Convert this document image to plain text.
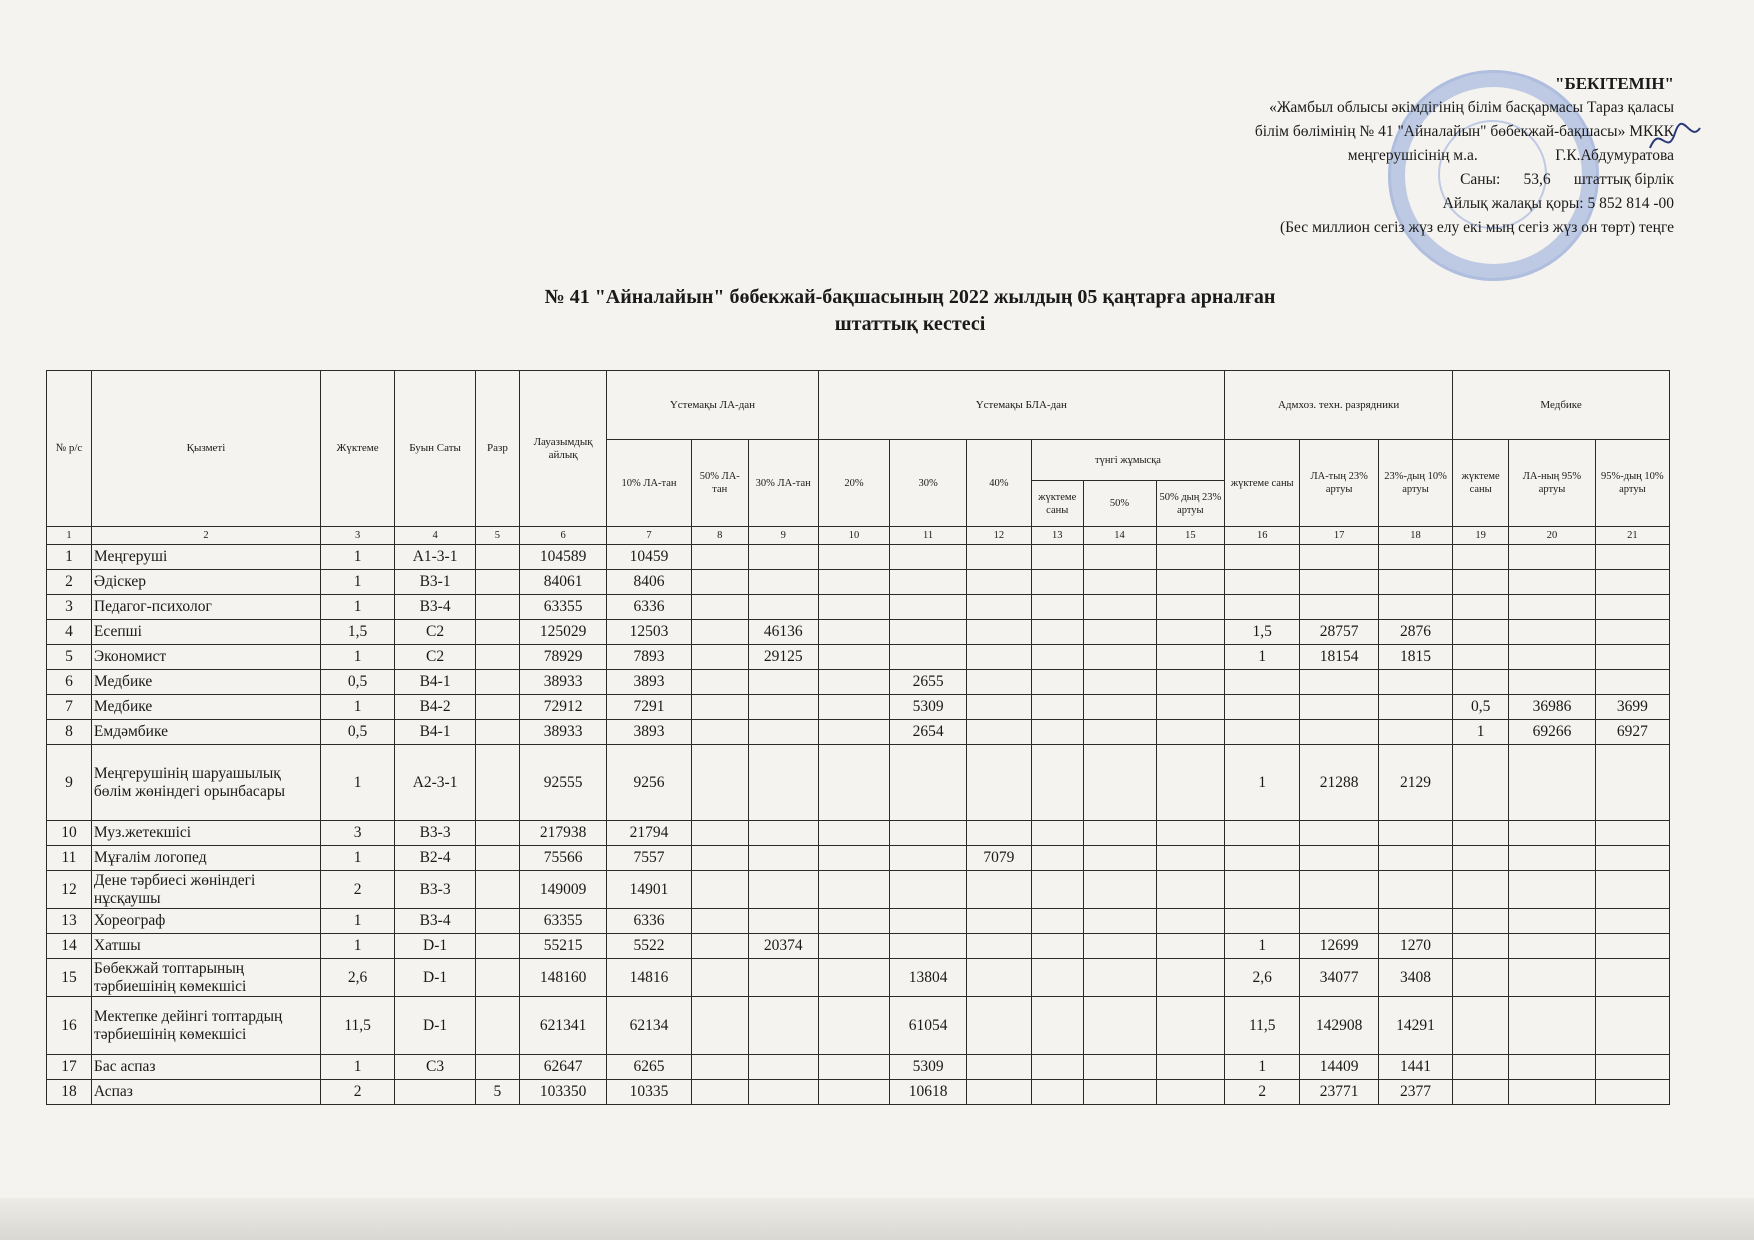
"БЕКІТЕМІН"
«Жамбыл облысы әкімдігінің білім басқармасы Тараз қаласы
білім бөлімінің № 41 "Айналайын" бөбекжай-бақшасы» МККК
меңгерушісінің м.а.                    Г.К.Абдумуратова
Саны:      53,6      штаттық бірлік
Айлық жалақы қоры: 5 852 814 -00
(Бес миллион сегіз жүз елу екі мың сегіз жүз он төрт) теңге
№ 41 "Айналайын" бөбекжай-бақшасының 2022 жылдың 05 қаңтарға арналған
штаттық кестесі
№ р/с	Қызметі	Жүктеме	Буын Саты	Разр	Лауазымдық айлық	Үстемақы ЛА-дан			Үстемақы БЛА-дан						Адмхоз. техн. разрядники			Медбике		
						10% ЛА-тан	50% ЛА-тан	30% ЛА-тан	20%	30%	40%	түнгі жұмысқа			жүктеме саны	ЛА-тың 23% артуы	23%-дың 10% артуы	жүктеме саны	ЛА-ның 95% артуы	95%-дың 10% артуы
												жүктеме саны	50%	50% дың 23% артуы						
1	2	3	4	5	6	7	8	9	10	11	12	13	14	15	16	17	18	19	20	21
1	Меңгеруші	1	A1-3-1		104589	10459														
2	Әдіскер	1	B3-1		84061	8406														
3	Педагог-психолог	1	B3-4		63355	6336														
4	Есепші	1,5	C2		125029	12503		46136							1,5	28757	2876			
5	Экономист	1	C2		78929	7893		29125							1	18154	1815			
6	Медбике	0,5	B4-1		38933	3893				2655										
7	Медбике	1	B4-2		72912	7291				5309								0,5	36986	3699
8	Емдәмбике	0,5	B4-1		38933	3893				2654								1	69266	6927
9	Меңгерушінің шаруашылық бөлім жөніндегі орынбасары	1	A2-3-1		92555	9256									1	21288	2129			
10	Муз.жетекшісі	3	B3-3		217938	21794														
11	Мұғалім логопед	1	B2-4		75566	7557					7079									
12	Дене тәрбиесі жөніндегі нұсқаушы	2	B3-3		149009	14901														
13	Хореограф	1	B3-4		63355	6336														
14	Хатшы	1	D-1		55215	5522		20374							1	12699	1270			
15	Бөбекжай топтарының тәрбиешінің көмекшісі	2,6	D-1		148160	14816				13804					2,6	34077	3408			
16	Мектепке дейінгі топтардың тәрбиешінің көмекшісі	11,5	D-1		621341	62134				61054					11,5	142908	14291			
17	Бас аспаз	1	C3		62647	6265				5309					1	14409	1441			
18	Аспаз	2		5	103350	10335				10618					2	23771	2377			
